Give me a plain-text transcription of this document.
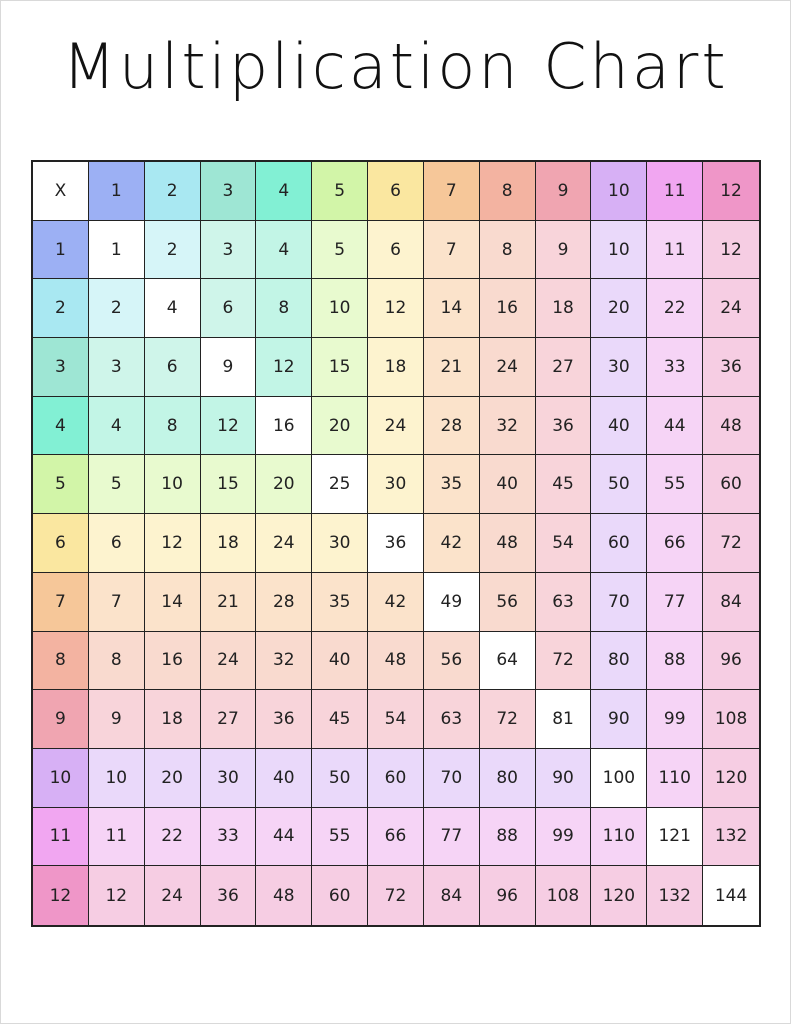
Multiplication Chart
X	1	2	3	4	5	6	7	8	9	10	11	12
1	1	2	3	4	5	6	7	8	9	10	11	12
2	2	4	6	8	10	12	14	16	18	20	22	24
3	3	6	9	12	15	18	21	24	27	30	33	36
4	4	8	12	16	20	24	28	32	36	40	44	48
5	5	10	15	20	25	30	35	40	45	50	55	60
6	6	12	18	24	30	36	42	48	54	60	66	72
7	7	14	21	28	35	42	49	56	63	70	77	84
8	8	16	24	32	40	48	56	64	72	80	88	96
9	9	18	27	36	45	54	63	72	81	90	99	108
10	10	20	30	40	50	60	70	80	90	100	110	120
11	11	22	33	44	55	66	77	88	99	110	121	132
12	12	24	36	48	60	72	84	96	108	120	132	144
